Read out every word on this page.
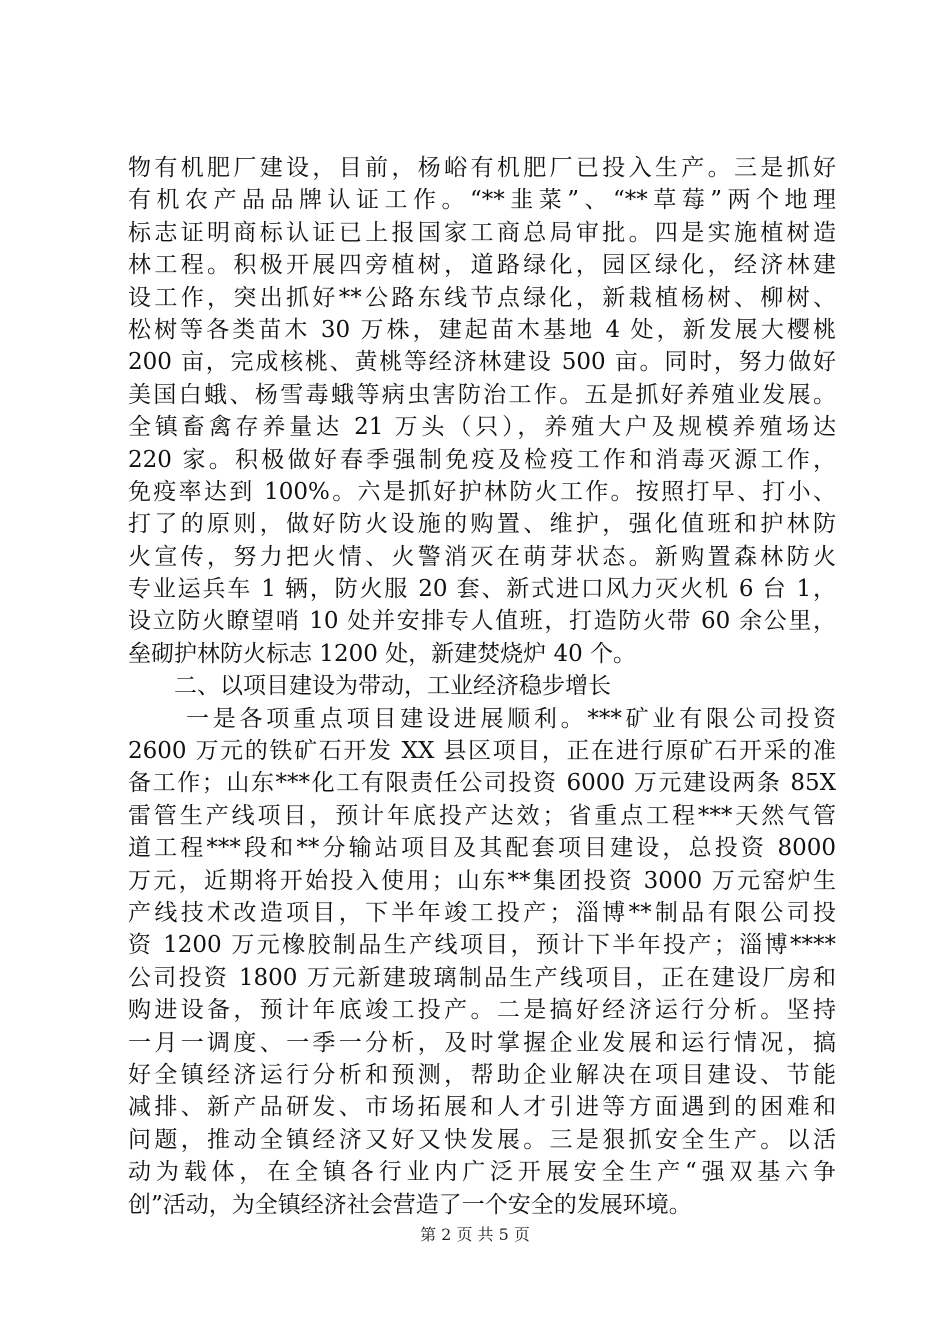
物有机肥厂建设，目前，杨峪有机肥厂已投入生产。三是抓好
有机农产品品牌认证工作。“**韭菜”、“**草莓”两个地理
标志证明商标认证已上报国家工商总局审批。四是实施植树造
林工程。积极开展四旁植树，道路绿化，园区绿化，经济林建
设工作，突出抓好**公路东线节点绿化，新栽植杨树、柳树、
松树等各类苗木 30 万株，建起苗木基地 4 处，新发展大樱桃
200 亩，完成核桃、黄桃等经济林建设 500 亩。同时，努力做好
美国白蛾、杨雪毒蛾等病虫害防治工作。五是抓好养殖业发展。
全镇畜禽存养量达 21 万头（只），养殖大户及规模养殖场达
220 家。积极做好春季强制免疫及检疫工作和消毒灭源工作，
免疫率达到 100%。六是抓好护林防火工作。按照打早、打小、
打了的原则，做好防火设施的购置、维护，强化值班和护林防
火宣传，努力把火情、火警消灭在萌芽状态。新购置森林防火
专业运兵车 1 辆，防火服 20 套、新式进口风力灭火机 6 台 1，
设立防火瞭望哨 10 处并安排专人值班，打造防火带 60 余公里，
垒砌护林防火标志 1200 处，新建焚烧炉 40 个。
二、以项目建设为带动，工业经济稳步增长
一是各项重点项目建设进展顺利。***矿业有限公司投资
2600 万元的铁矿石开发 XX 县区项目，正在进行原矿石开采的准
备工作；山东***化工有限责任公司投资 6000 万元建设两条 85X
雷管生产线项目，预计年底投产达效；省重点工程***天然气管
道工程***段和**分输站项目及其配套项目建设，总投资 8000
万元，近期将开始投入使用；山东**集团投资 3000 万元窑炉生
产线技术改造项目，下半年竣工投产；淄博**制品有限公司投
资 1200 万元橡胶制品生产线项目，预计下半年投产；淄博****
公司投资 1800 万元新建玻璃制品生产线项目，正在建设厂房和
购进设备，预计年底竣工投产。二是搞好经济运行分析。坚持
一月一调度、一季一分析，及时掌握企业发展和运行情况，搞
好全镇经济运行分析和预测，帮助企业解决在项目建设、节能
减排、新产品研发、市场拓展和人才引进等方面遇到的困难和
问题，推动全镇经济又好又快发展。三是狠抓安全生产。以活
动为载体，在全镇各行业内广泛开展安全生产“强双基六争
创”活动，为全镇经济社会营造了一个安全的发展环境。
第 2 页 共 5 页
